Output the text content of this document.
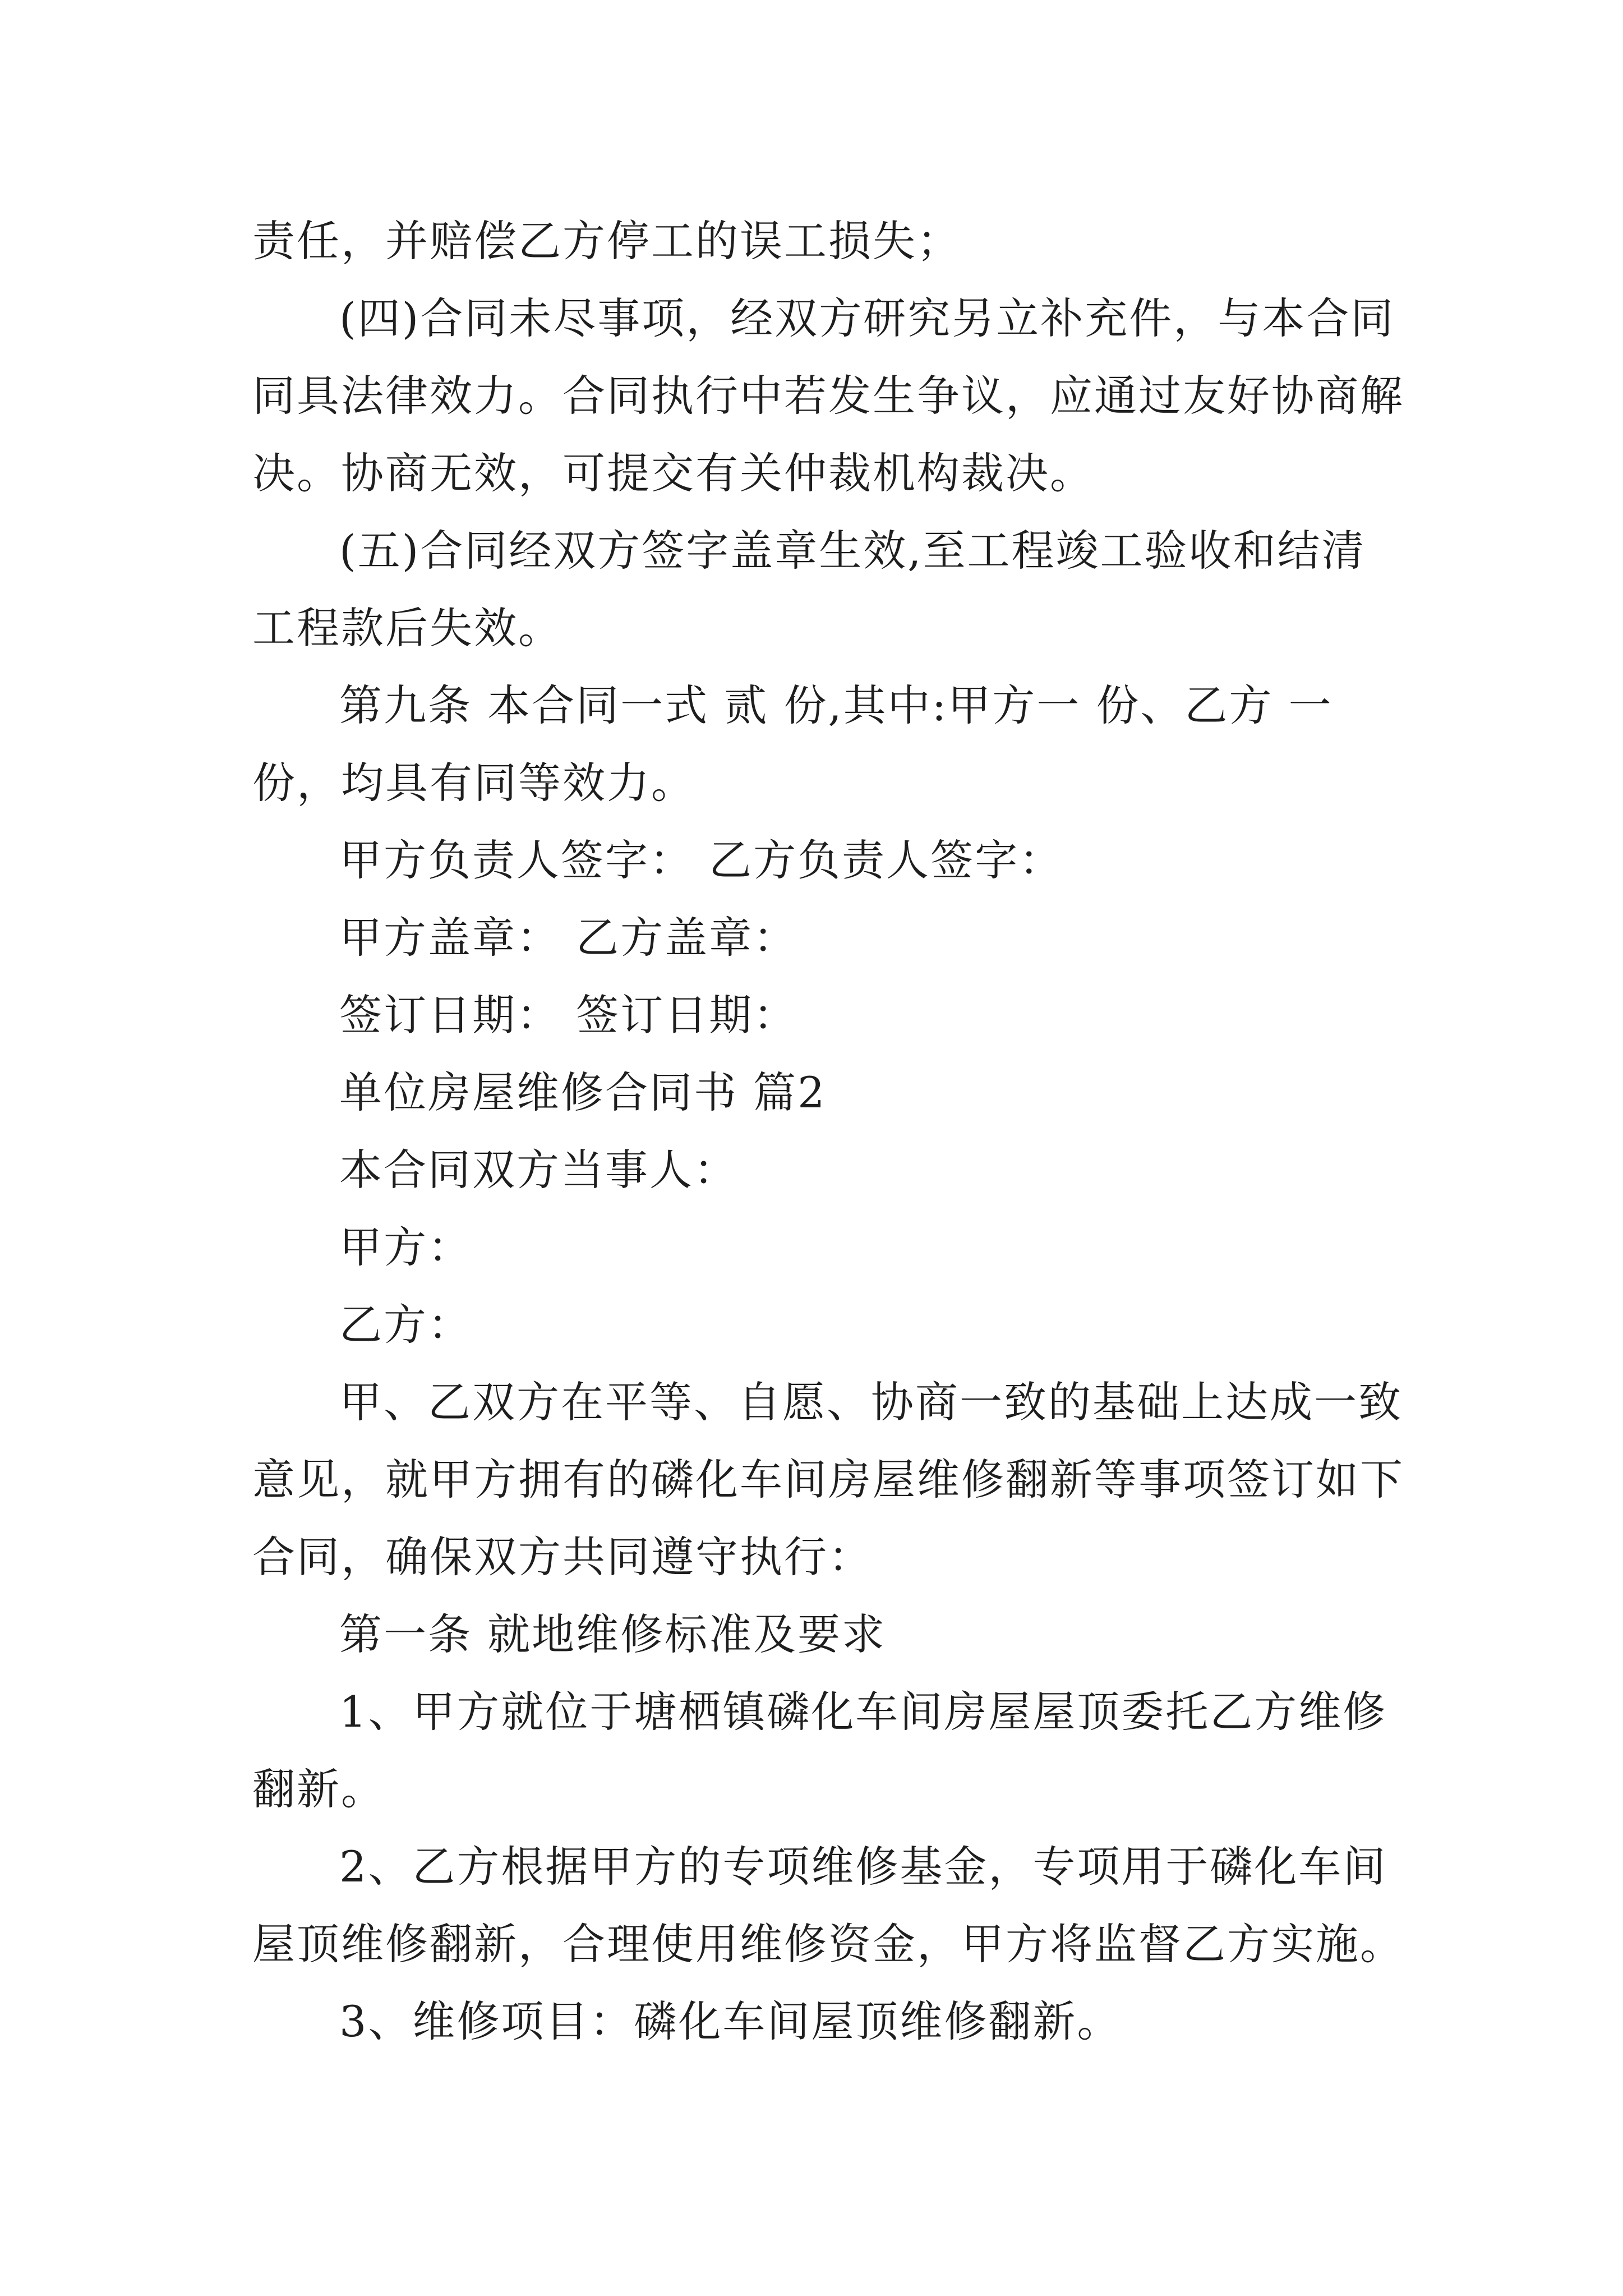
责任，并赔偿乙方停工的误工损失；
(四)合同未尽事项，经双方研究另立补充件，与本合同
同具法律效力。合同执行中若发生争议，应通过友好协商解
决。协商无效，可提交有关仲裁机构裁决。
(五)合同经双方签字盖章生效,至工程竣工验收和结清
工程款后失效。
第九条 本合同一式 贰 份,其中:甲方一 份、乙方 一
份，均具有同等效力。
甲方负责人签字： 乙方负责人签字：
甲方盖章： 乙方盖章：
签订日期： 签订日期：
单位房屋维修合同书 篇2
本合同双方当事人：
甲方：
乙方：
甲、乙双方在平等、自愿、协商一致的基础上达成一致
意见，就甲方拥有的磷化车间房屋维修翻新等事项签订如下
合同，确保双方共同遵守执行：
第一条 就地维修标准及要求
1、甲方就位于塘栖镇磷化车间房屋屋顶委托乙方维修
翻新。
2、乙方根据甲方的专项维修基金，专项用于磷化车间
屋顶维修翻新，合理使用维修资金，甲方将监督乙方实施。
3、维修项目：磷化车间屋顶维修翻新。
